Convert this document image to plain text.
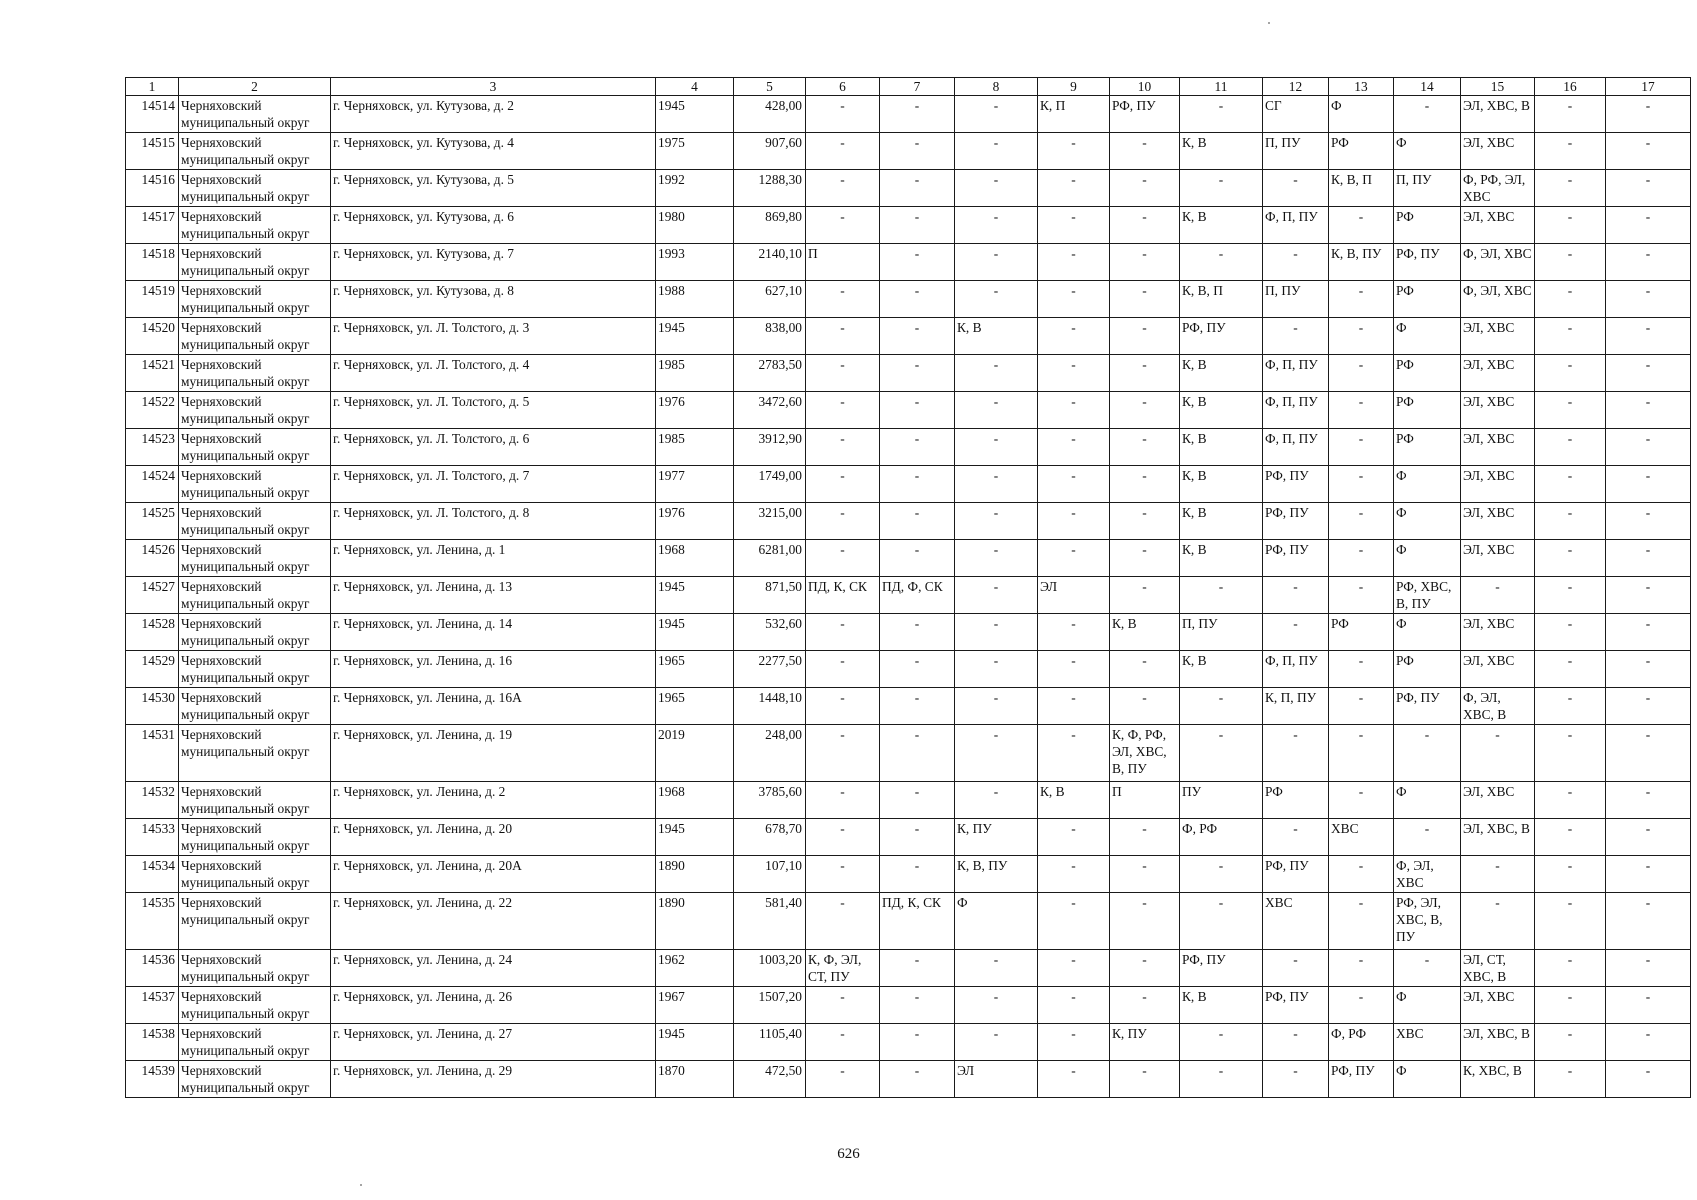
1	2	3	4	5	6	7	8	9	10	11	12	13	14	15	16	17
14514	Черняховский муниципальный округ	г. Черняховск, ул. Кутузова, д. 2	1945	428,00	-	-	-	К, П	РФ, ПУ	-	СГ	Ф	-	ЭЛ, ХВС, В	-	-
14515	Черняховский муниципальный округ	г. Черняховск, ул. Кутузова, д. 4	1975	907,60	-	-	-	-	-	К, В	П, ПУ	РФ	Ф	ЭЛ, ХВС	-	-
14516	Черняховский муниципальный округ	г. Черняховск, ул. Кутузова, д. 5	1992	1288,30	-	-	-	-	-	-	-	К, В, П	П, ПУ	Ф, РФ, ЭЛ, ХВС	-	-
14517	Черняховский муниципальный округ	г. Черняховск, ул. Кутузова, д. 6	1980	869,80	-	-	-	-	-	К, В	Ф, П, ПУ	-	РФ	ЭЛ, ХВС	-	-
14518	Черняховский муниципальный округ	г. Черняховск, ул. Кутузова, д. 7	1993	2140,10	П	-	-	-	-	-	-	К, В, ПУ	РФ, ПУ	Ф, ЭЛ, ХВС	-	-
14519	Черняховский муниципальный округ	г. Черняховск, ул. Кутузова, д. 8	1988	627,10	-	-	-	-	-	К, В, П	П, ПУ	-	РФ	Ф, ЭЛ, ХВС	-	-
14520	Черняховский муниципальный округ	г. Черняховск, ул. Л. Толстого, д. 3	1945	838,00	-	-	К, В	-	-	РФ, ПУ	-	-	Ф	ЭЛ, ХВС	-	-
14521	Черняховский муниципальный округ	г. Черняховск, ул. Л. Толстого, д. 4	1985	2783,50	-	-	-	-	-	К, В	Ф, П, ПУ	-	РФ	ЭЛ, ХВС	-	-
14522	Черняховский муниципальный округ	г. Черняховск, ул. Л. Толстого, д. 5	1976	3472,60	-	-	-	-	-	К, В	Ф, П, ПУ	-	РФ	ЭЛ, ХВС	-	-
14523	Черняховский муниципальный округ	г. Черняховск, ул. Л. Толстого, д. 6	1985	3912,90	-	-	-	-	-	К, В	Ф, П, ПУ	-	РФ	ЭЛ, ХВС	-	-
14524	Черняховский муниципальный округ	г. Черняховск, ул. Л. Толстого, д. 7	1977	1749,00	-	-	-	-	-	К, В	РФ, ПУ	-	Ф	ЭЛ, ХВС	-	-
14525	Черняховский муниципальный округ	г. Черняховск, ул. Л. Толстого, д. 8	1976	3215,00	-	-	-	-	-	К, В	РФ, ПУ	-	Ф	ЭЛ, ХВС	-	-
14526	Черняховский муниципальный округ	г. Черняховск, ул. Ленина, д. 1	1968	6281,00	-	-	-	-	-	К, В	РФ, ПУ	-	Ф	ЭЛ, ХВС	-	-
14527	Черняховский муниципальный округ	г. Черняховск, ул. Ленина, д. 13	1945	871,50	ПД, К, СК	ПД, Ф, СК	-	ЭЛ	-	-	-	-	РФ, ХВС, В, ПУ	-	-	-
14528	Черняховский муниципальный округ	г. Черняховск, ул. Ленина, д. 14	1945	532,60	-	-	-	-	К, В	П, ПУ	-	РФ	Ф	ЭЛ, ХВС	-	-
14529	Черняховский муниципальный округ	г. Черняховск, ул. Ленина, д. 16	1965	2277,50	-	-	-	-	-	К, В	Ф, П, ПУ	-	РФ	ЭЛ, ХВС	-	-
14530	Черняховский муниципальный округ	г. Черняховск, ул. Ленина, д. 16А	1965	1448,10	-	-	-	-	-	-	К, П, ПУ	-	РФ, ПУ	Ф, ЭЛ, ХВС, В	-	-
14531	Черняховский муниципальный округ	г. Черняховск, ул. Ленина, д. 19	2019	248,00	-	-	-	-	К, Ф, РФ, ЭЛ, ХВС, В, ПУ	-	-	-	-	-	-	-
14532	Черняховский муниципальный округ	г. Черняховск, ул. Ленина, д. 2	1968	3785,60	-	-	-	К, В	П	ПУ	РФ	-	Ф	ЭЛ, ХВС	-	-
14533	Черняховский муниципальный округ	г. Черняховск, ул. Ленина, д. 20	1945	678,70	-	-	К, ПУ	-	-	Ф, РФ	-	ХВС	-	ЭЛ, ХВС, В	-	-
14534	Черняховский муниципальный округ	г. Черняховск, ул. Ленина, д. 20А	1890	107,10	-	-	К, В, ПУ	-	-	-	РФ, ПУ	-	Ф, ЭЛ, ХВС	-	-	-
14535	Черняховский муниципальный округ	г. Черняховск, ул. Ленина, д. 22	1890	581,40	-	ПД, К, СК	Ф	-	-	-	ХВС	-	РФ, ЭЛ, ХВС, В, ПУ	-	-	-
14536	Черняховский муниципальный округ	г. Черняховск, ул. Ленина, д. 24	1962	1003,20	К, Ф, ЭЛ, СТ, ПУ	-	-	-	-	РФ, ПУ	-	-	-	ЭЛ, СТ, ХВС, В	-	-
14537	Черняховский муниципальный округ	г. Черняховск, ул. Ленина, д. 26	1967	1507,20	-	-	-	-	-	К, В	РФ, ПУ	-	Ф	ЭЛ, ХВС	-	-
14538	Черняховский муниципальный округ	г. Черняховск, ул. Ленина, д. 27	1945	1105,40	-	-	-	-	К, ПУ	-	-	Ф, РФ	ХВС	ЭЛ, ХВС, В	-	-
14539	Черняховский муниципальный округ	г. Черняховск, ул. Ленина, д. 29	1870	472,50	-	-	ЭЛ	-	-	-	-	РФ, ПУ	Ф	К, ХВС, В	-	-
626
